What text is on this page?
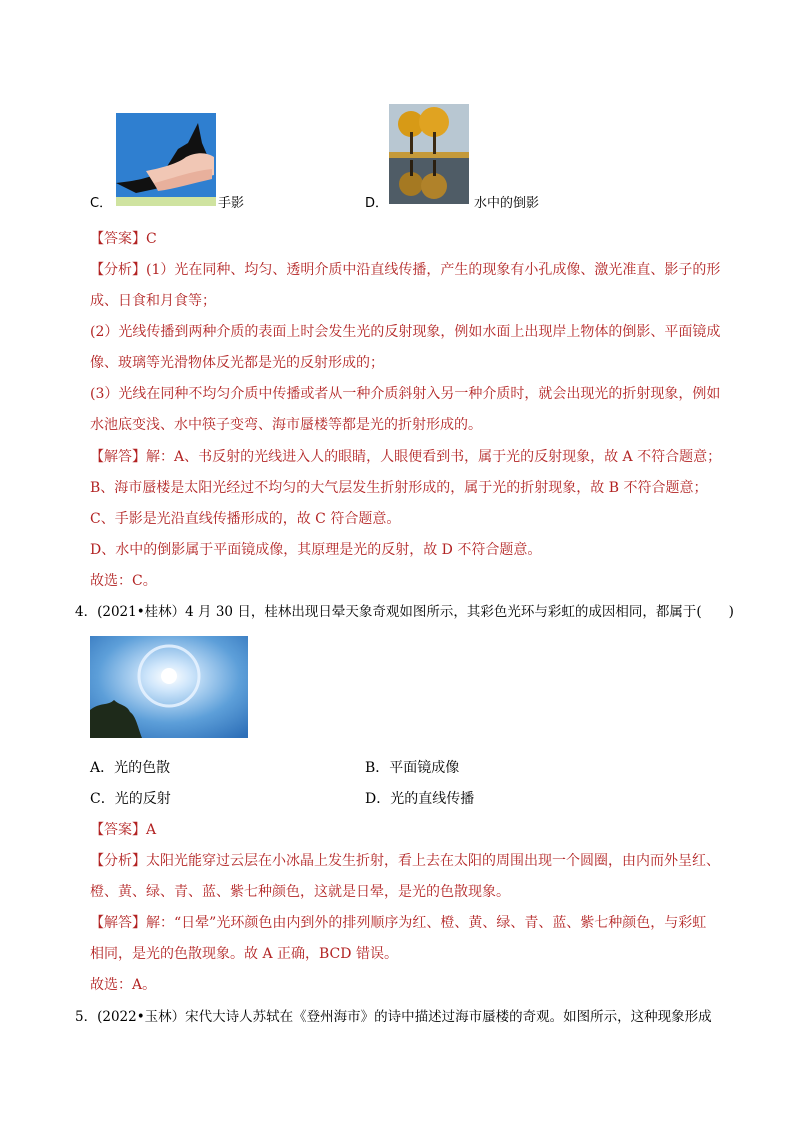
C．	手影	D．	水中的倒影
【答案】C
【分析】(1）光在同种、均匀、透明介质中沿直线传播，产生的现象有小孔成像、激光准直、影子的形
成、日食和月食等；
(2）光线传播到两种介质的表面上时会发生光的反射现象，例如水面上出现岸上物体的倒影、平面镜成
像、玻璃等光滑物体反光都是光的反射形成的；
(3）光线在同种不均匀介质中传播或者从一种介质斜射入另一种介质时，就会出现光的折射现象，例如
水池底变浅、水中筷子变弯、海市蜃楼等都是光的折射形成的。
【解答】解：A、书反射的光线进入人的眼睛，人眼便看到书，属于光的反射现象，故 A 不符合题意；
B、海市蜃楼是太阳光经过不均匀的大气层发生折射形成的，属于光的折射现象，故 B 不符合题意；
C、手影是光沿直线传播形成的，故 C 符合题意。
D、水中的倒影属于平面镜成像，其原理是光的反射，故 D 不符合题意。
故选：C。
4．(2021•桂林）4 月 30 日，桂林出现日晕天象奇观如图所示，其彩色光环与彩虹的成因相同，都属于(　　)
A．光的色散	B．平面镜成像
C．光的反射	D．光的直线传播
【答案】A
【分析】太阳光能穿过云层在小冰晶上发生折射，看上去在太阳的周围出现一个圆圈，由内而外呈红、
橙、黄、绿、青、蓝、紫七种颜色，这就是日晕，是光的色散现象。
【解答】解：“日晕”光环颜色由内到外的排列顺序为红、橙、黄、绿、青、蓝、紫七种颜色，与彩虹
相同，是光的色散现象。故 A 正确，BCD 错误。
故选：A。
5．(2022•玉林）宋代大诗人苏轼在《登州海市》的诗中描述过海市蜃楼的奇观。如图所示，这种现象形成
